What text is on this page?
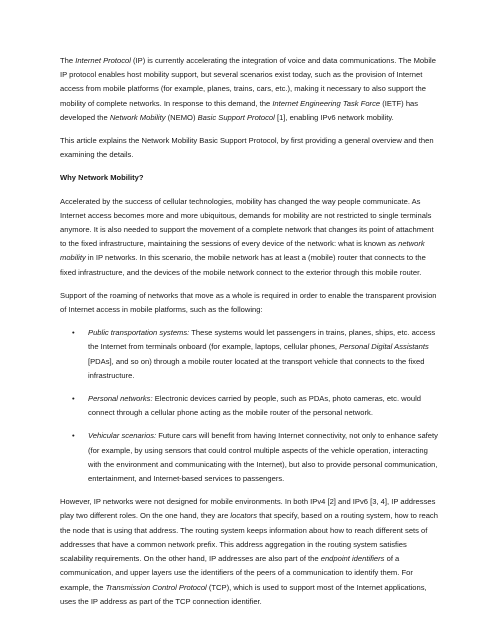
The Internet Protocol (IP) is currently accelerating the integration of voice and data communications. The Mobile IP protocol enables host mobility support, but several scenarios exist today, such as the provision of Internet access from mobile platforms (for example, planes, trains, cars, etc.), making it necessary to also support the mobility of complete networks. In response to this demand, the Internet Engineering Task Force (IETF) has developed the Network Mobility (NEMO) Basic Support Protocol [1], enabling IPv6 network mobility.

This article explains the Network Mobility Basic Support Protocol, by first providing a general overview and then examining the details.

Why Network Mobility?

Accelerated by the success of cellular technologies, mobility has changed the way people communicate. As Internet access becomes more and more ubiquitous, demands for mobility are not restricted to single terminals anymore. It is also needed to support the movement of a complete network that changes its point of attachment to the fixed infrastructure, maintaining the sessions of every device of the network: what is known as network mobility in IP networks. In this scenario, the mobile network has at least a (mobile) router that connects to the fixed infrastructure, and the devices of the mobile network connect to the exterior through this mobile router.

Support of the roaming of networks that move as a whole is required in order to enable the transparent provision of Internet access in mobile platforms, such as the following:

• Public transportation systems: These systems would let passengers in trains, planes, ships, etc. access the Internet from terminals onboard (for example, laptops, cellular phones, Personal Digital Assistants [PDAs], and so on) through a mobile router located at the transport vehicle that connects to the fixed infrastructure.
• Personal networks: Electronic devices carried by people, such as PDAs, photo cameras, etc. would connect through a cellular phone acting as the mobile router of the personal network.
• Vehicular scenarios: Future cars will benefit from having Internet connectivity, not only to enhance safety (for example, by using sensors that could control multiple aspects of the vehicle operation, interacting with the environment and communicating with the Internet), but also to provide personal communication, entertainment, and Internet-based services to passengers.

However, IP networks were not designed for mobile environments. In both IPv4 [2] and IPv6 [3, 4], IP addresses play two different roles. On the one hand, they are locators that specify, based on a routing system, how to reach the node that is using that address. The routing system keeps information about how to reach different sets of addresses that have a common network prefix. This address aggregation in the routing system satisfies scalability requirements. On the other hand, IP addresses are also part of the endpoint identifiers of a communication, and upper layers use the identifiers of the peers of a communication to identify them. For example, the Transmission Control Protocol (TCP), which is used to support most of the Internet applications, uses the IP address as part of the TCP connection identifier.
